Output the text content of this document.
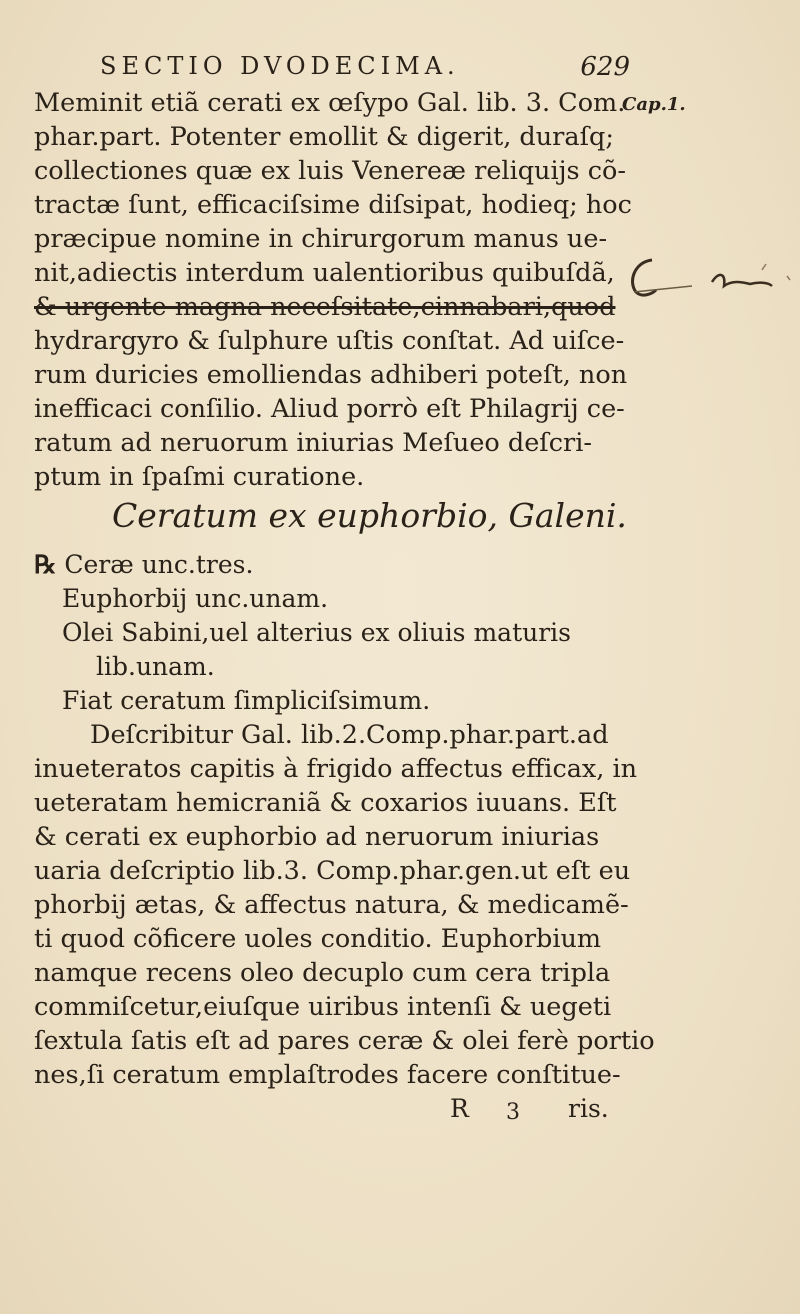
SECTIO DVODECIMA.	629
Cap.1.
Meminit etiã cerati ex œſypo Gal. lib. 3. Com.
phar.part. Potenter emollit & digerit, duraſq;
collectiones quæ ex luis Venereæ reliquijs cõ-
tractæ ſunt, efficaciſsime diſsipat, hodieq; hoc
præcipue nomine in chirurgorum manus ue-
nit,adiectis interdum ualentioribus quibuſdã,
& urgente magna neceſsitate,cinnabari,quod
hydrargyro & ſulphure uſtis conſtat. Ad uiſce-
rum duricies emolliendas adhiberi poteſt, non
inefficaci conſilio. Aliud porrò eſt Philagrij ce-
ratum ad neruorum iniurias Meſueo deſcri-
ptum in ſpaſmi curatione.
Ceratum ex euphorbio, Galeni.
℞ Ceræ unc.tres.
Euphorbij unc.unam.
Olei Sabini,uel alterius ex oliuis maturis
lib.unam.
Fiat ceratum ſimpliciſsimum.
Deſcribitur Gal. lib.2.Comp.phar.part.ad
inueteratos capitis à frigido affectus efficax, in
ueteratam hemicraniã & coxarios iuuans. Eſt
& cerati ex euphorbio ad neruorum iniurias
uaria deſcriptio lib.3. Comp.phar.gen.ut eſt eu
phorbij ætas, & affectus natura, & medicamẽ-
ti quod cõficere uoles conditio. Euphorbium
namque recens oleo decuplo cum cera tripla
commiſcetur,eiuſque uiribus intenſi & uegeti
ſextula ſatis eſt ad pares ceræ & olei ferè portio
nes,ſi ceratum emplaſtrodes facere conſtitue-
R 3 ris.
